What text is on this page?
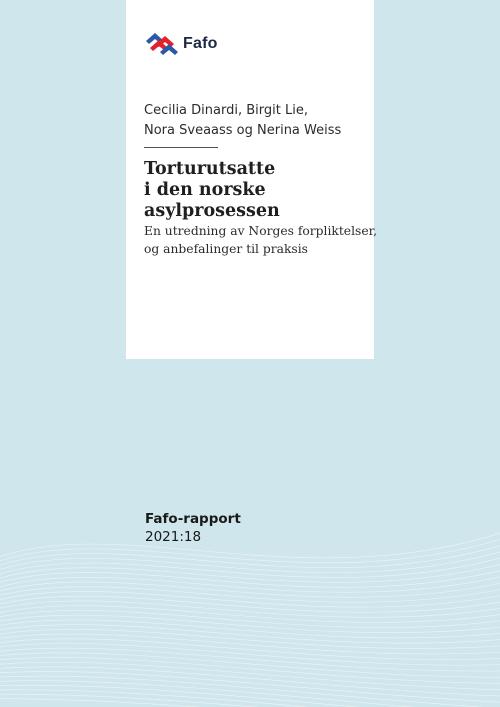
Fafo
Cecilia Dinardi, Birgit Lie,
Nora Sveaass og Nerina Weiss
Torturutsatte
i den norske
asylprosessen
En utredning av Norges forpliktelser,
og anbefalinger til praksis
Fafo-rapport
2021:18
